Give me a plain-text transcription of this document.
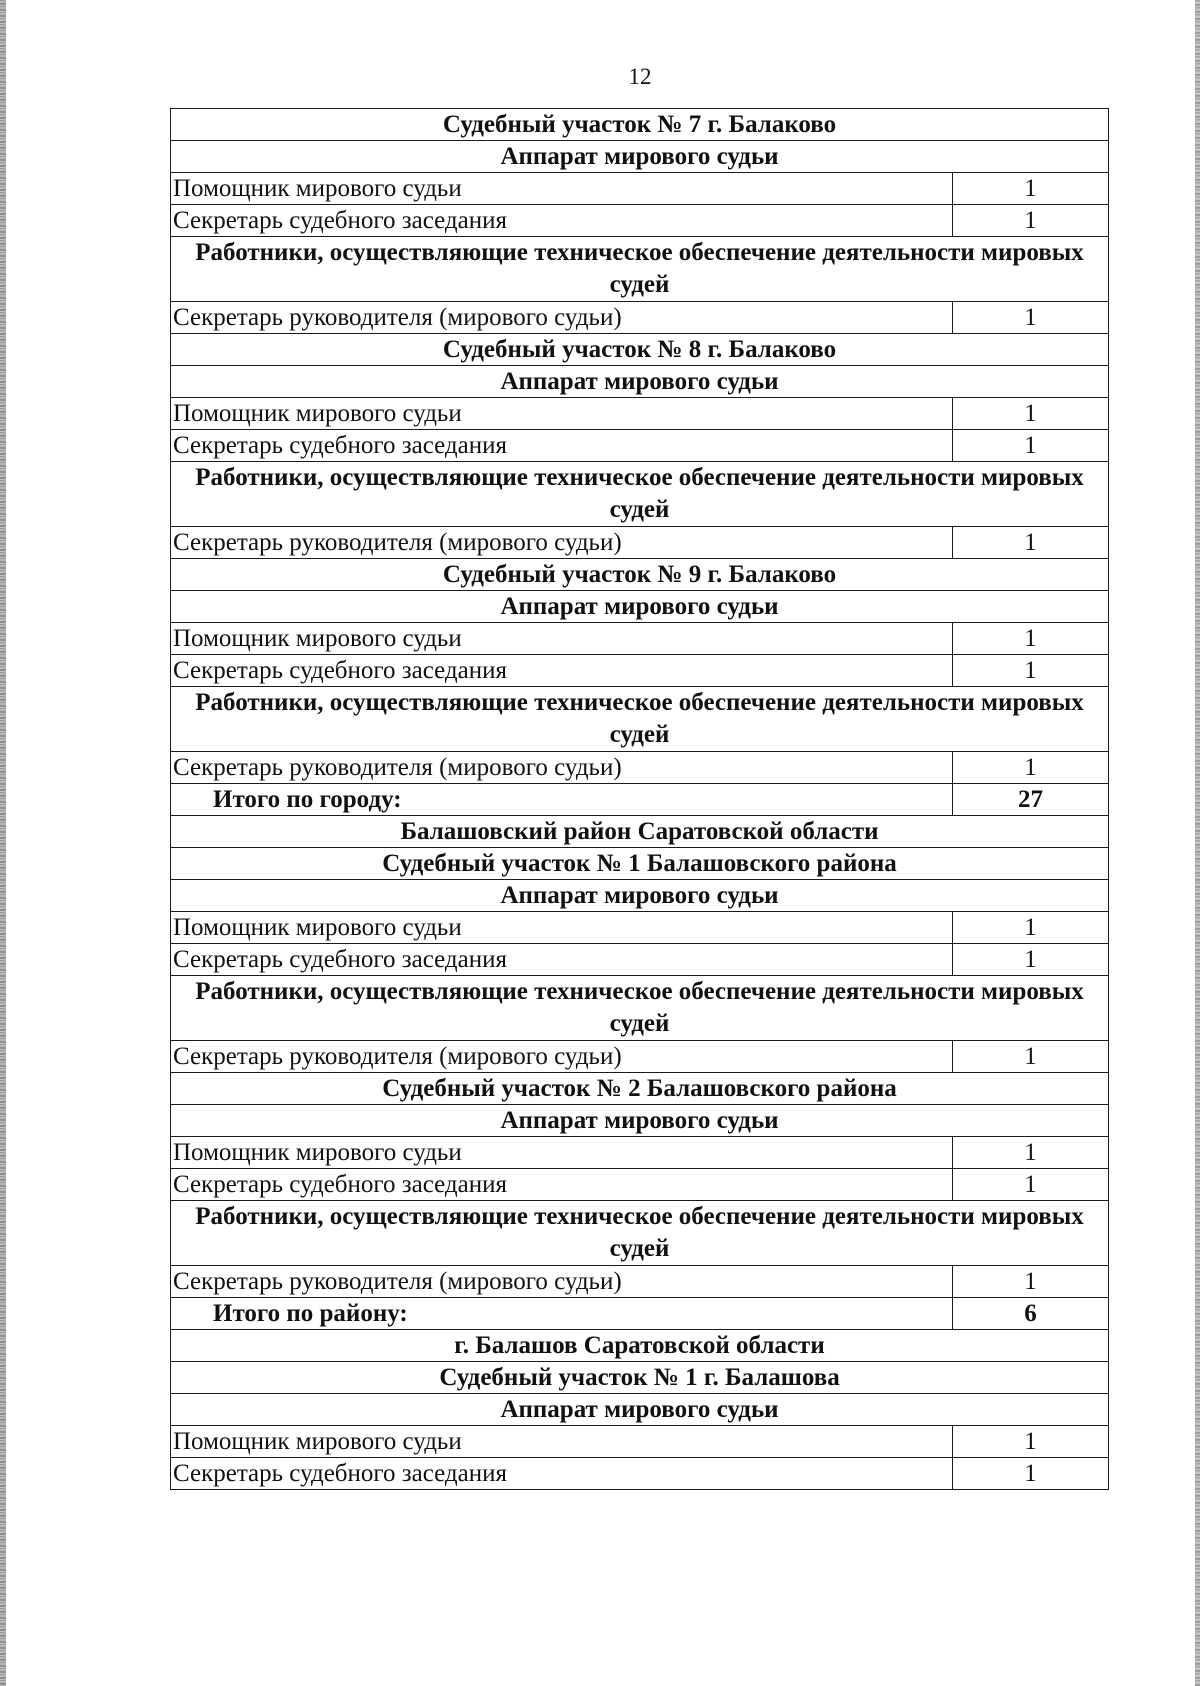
12
Судебный участок № 7 г. Балаково	
Аппарат мирового судьи	
Помощник мирового судьи	1
Секретарь судебного заседания	1
Работники, осуществляющие техническое обеспечение деятельности мировых судей	
Секретарь руководителя (мирового судьи)	1
Судебный участок № 8 г. Балаково	
Аппарат мирового судьи	
Помощник мирового судьи	1
Секретарь судебного заседания	1
Работники, осуществляющие техническое обеспечение деятельности мировых судей	
Секретарь руководителя (мирового судьи)	1
Судебный участок № 9 г. Балаково	
Аппарат мирового судьи	
Помощник мирового судьи	1
Секретарь судебного заседания	1
Работники, осуществляющие техническое обеспечение деятельности мировых судей	
Секретарь руководителя (мирового судьи)	1
Итого по городу:	27
Балашовский район Саратовской области	
Судебный участок № 1 Балашовского района	
Аппарат мирового судьи	
Помощник мирового судьи	1
Секретарь судебного заседания	1
Работники, осуществляющие техническое обеспечение деятельности мировых судей	
Секретарь руководителя (мирового судьи)	1
Судебный участок № 2 Балашовского района	
Аппарат мирового судьи	
Помощник мирового судьи	1
Секретарь судебного заседания	1
Работники, осуществляющие техническое обеспечение деятельности мировых судей	
Секретарь руководителя (мирового судьи)	1
Итого по району:	6
г. Балашов Саратовской области	
Судебный участок № 1 г. Балашова	
Аппарат мирового судьи	
Помощник мирового судьи	1
Секретарь судебного заседания	1
